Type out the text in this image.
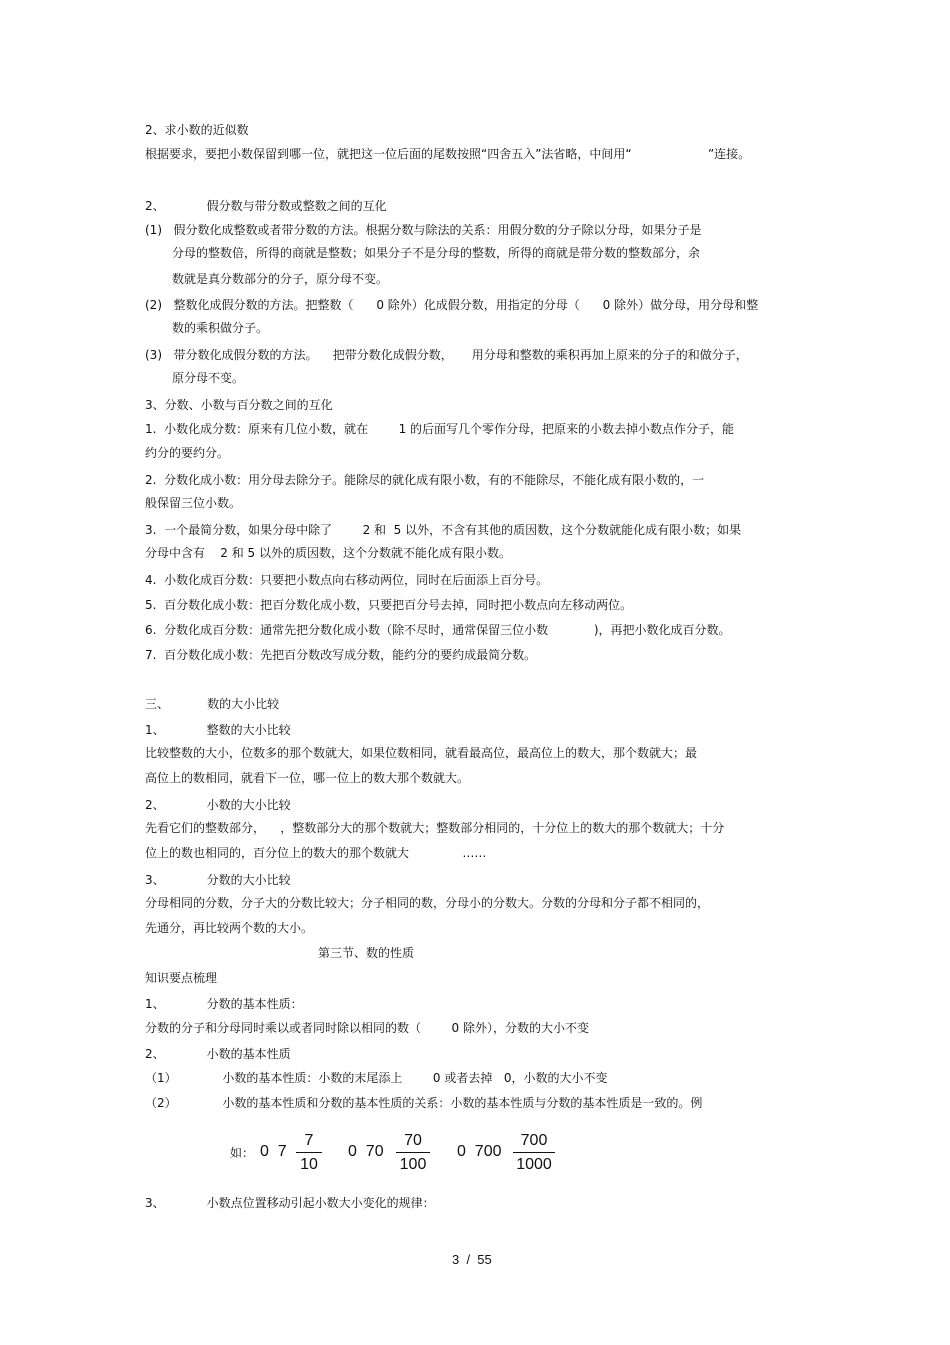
2、求小数的近似数
根据要求，要把小数保留到哪一位，就把这一位后面的尾数按照“四舍五入”法省略，中间用“                    ”连接。
2、           假分数与带分数或整数之间的互化
(1)   假分数化成整数或者带分数的方法。根据分数与除法的关系：用假分数的分子除以分母，如果分子是
分母的整数倍，所得的商就是整数；如果分子不是分母的整数，所得的商就是带分数的整数部分，余
数就是真分数部分的分子，原分母不变。
(2)   整数化成假分数的方法。把整数（      0 除外）化成假分数，用指定的分母（      0 除外）做分母，用分母和整
数的乘积做分子。
(3)   带分数化成假分数的方法。    把带分数化成假分数，     用分母和整数的乘积再加上原来的分子的和做分子，
原分母不变。
3、分数、小数与百分数之间的互化
1.  小数化成分数：原来有几位小数，就在        1 的后面写几个零作分母，把原来的小数去掉小数点作分子，能
约分的要约分。
2.  分数化成小数：用分母去除分子。能除尽的就化成有限小数，有的不能除尽，不能化成有限小数的，一
般保留三位小数。
3.  一个最简分数，如果分母中除了        2 和  5 以外，不含有其他的质因数，这个分数就能化成有限小数；如果
分母中含有    2 和 5 以外的质因数，这个分数就不能化成有限小数。
4.  小数化成百分数：只要把小数点向右移动两位，同时在后面添上百分号。
5.  百分数化成小数：把百分数化成小数，只要把百分号去掉，同时把小数点向左移动两位。
6.  分数化成百分数：通常先把分数化成小数（除不尽时，通常保留三位小数            )，再把小数化成百分数。
7.  百分数化成小数：先把百分数改写成分数，能约分的要约成最简分数。
三、          数的大小比较
1、           整数的大小比较
比较整数的大小，位数多的那个数就大，如果位数相同，就看最高位，最高位上的数大，那个数就大；最
高位上的数相同，就看下一位，哪一位上的数大那个数就大。
2、           小数的大小比较
先看它们的整数部分，    ，整数部分大的那个数就大；整数部分相同的，十分位上的数大的那个数就大；十分
位上的数也相同的，百分位上的数大的那个数就大              ……
3、           分数的大小比较
分母相同的分数，分子大的分数比较大；分子相同的数，分母小的分数大。分数的分母和分子都不相同的，
先通分，再比较两个数的大小。
第三节、数的性质
知识要点梳理
1、           分数的基本性质：
分数的分子和分母同时乘以或者同时除以相同的数（        0 除外），分数的大小不变
2、           小数的基本性质
（1）            小数的基本性质：小数的末尾添上        0 或者去掉   0，小数的大小不变
（2）            小数的基本性质和分数的基本性质的关系：小数的基本性质与分数的基本性质是一致的。例
如： 0  $7 \frac{7}{10} 0$  $70 \frac{70}{100} 0$  $700 \frac{700}{1000}$
3、           小数点位置移动引起小数大小变化的规律：
3  /  55
